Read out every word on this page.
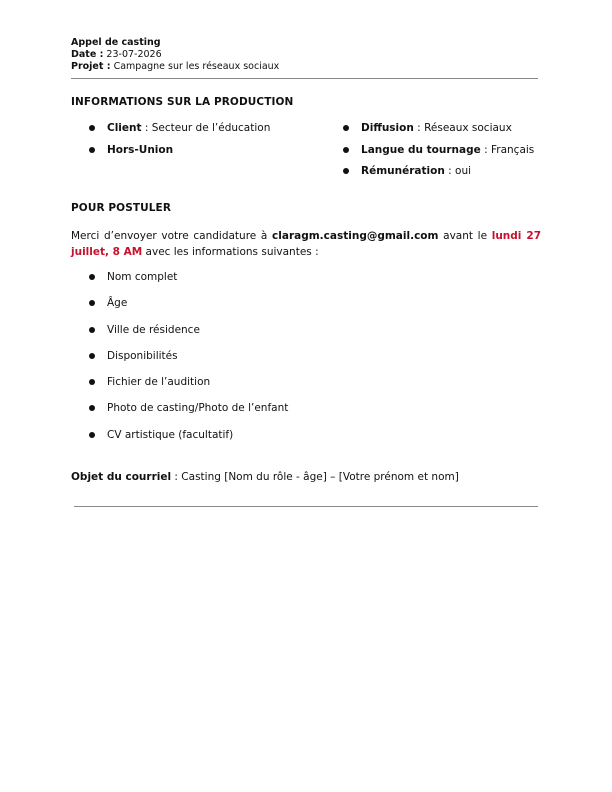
Appel de casting
Date : 23-07-2026
Projet : Campagne sur les réseaux sociaux
INFORMATIONS SUR LA PRODUCTION
Client : Secteur de l’éducation
Hors-Union
Diffusion : Réseaux sociaux
Langue du tournage : Français
Rémunération : oui
POUR POSTULER
Merci d’envoyer votre candidature à claragm.casting@gmail.com avant le lundi 27 juillet, 8 AM avec les informations suivantes :
Nom complet
Âge
Ville de résidence
Disponibilités
Fichier de l’audition
Photo de casting/Photo de l’enfant
CV artistique (facultatif)
Objet du courriel : Casting [Nom du rôle - âge] – [Votre prénom et nom]
